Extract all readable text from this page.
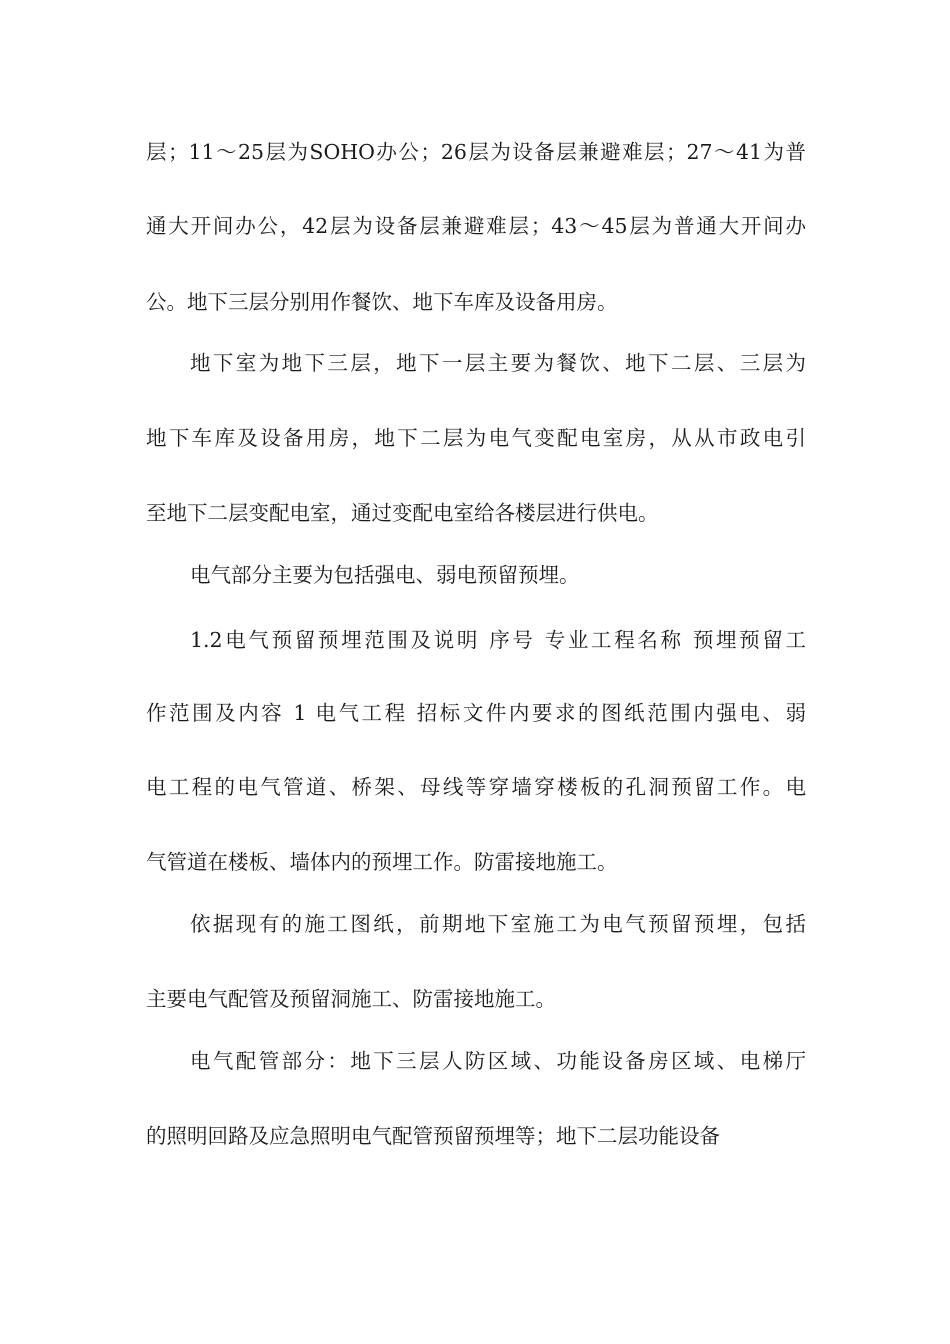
层；11～25层为SOHO办公；26层为设备层兼避难层；27～41为普
通大开间办公，42层为设备层兼避难层；43～45层为普通大开间办
公。地下三层分别用作餐饮、地下车库及设备用房。
地下室为地下三层，地下一层主要为餐饮、地下二层、三层为
地下车库及设备用房，地下二层为电气变配电室房，从从市政电引
至地下二层变配电室，通过变配电室给各楼层进行供电。
电气部分主要为包括强电、弱电预留预埋。
1.2电气预留预埋范围及说明 序号 专业工程名称 预埋预留工
作范围及内容 1 电气工程 招标文件内要求的图纸范围内强电、弱
电工程的电气管道、桥架、母线等穿墙穿楼板的孔洞预留工作。电
气管道在楼板、墙体内的预埋工作。防雷接地施工。
依据现有的施工图纸，前期地下室施工为电气预留预埋，包括
主要电气配管及预留洞施工、防雷接地施工。
电气配管部分：地下三层人防区域、功能设备房区域、电梯厅
的照明回路及应急照明电气配管预留预埋等；地下二层功能设备
